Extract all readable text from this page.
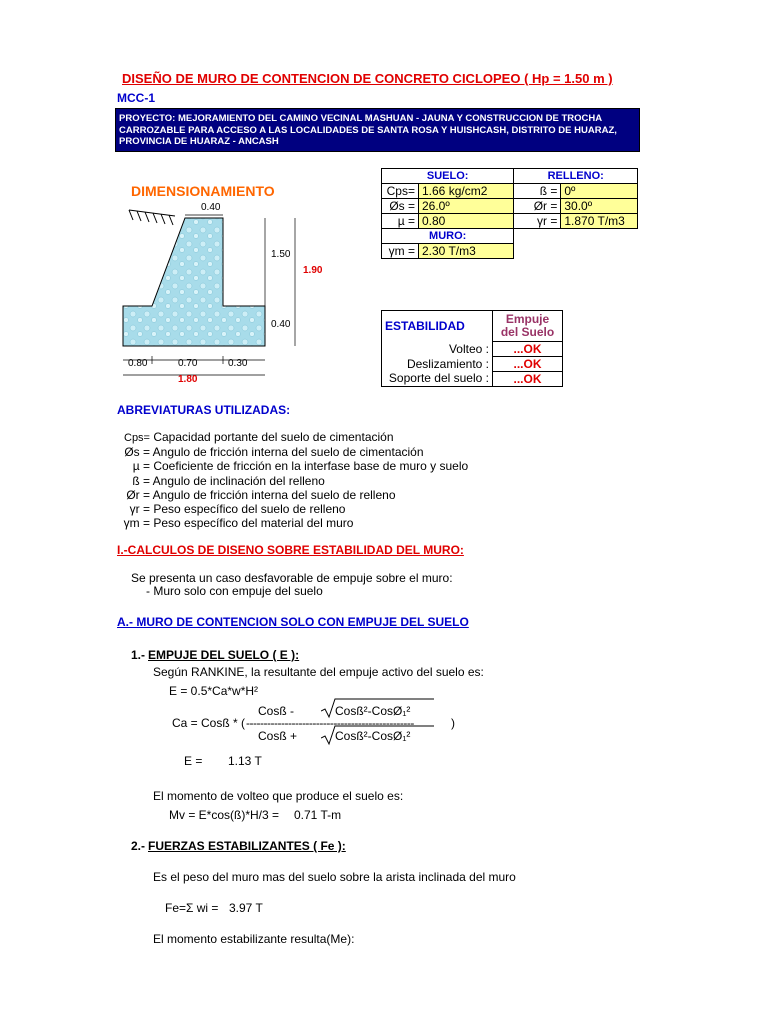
DISEÑO DE MURO DE CONTENCION DE CONCRETO CICLOPEO ( Hp = 1.50 m )
MCC-1
PROYECTO: MEJORAMIENTO DEL CAMINO VECINAL MASHUAN - JAUNA Y CONSTRUCCION DE TROCHA CARROZABLE PARA ACCESO A LAS LOCALIDADES DE SANTA ROSA Y HUISHCASH, DISTRITO DE HUARAZ, PROVINCIA DE HUARAZ - ANCASH
DIMENSIONAMIENTO
0.40
1.50
1.90
0.40
0.80	0.70	0.30
1.80
SUELO:		RELLENO:	
Cps=	1.66 kg/cm2	ß =	0º
Øs =	26.0º	Ør =	30.0º
µ =	0.80	γr =	1.870 T/m3
MURO:			
γm =	2.30 T/m3		
ESTABILIDAD	Empuje del Suelo
Volteo :	...OK
Deslizamiento :	...OK
Soporte del suelo :	...OK
ABREVIATURAS UTILIZADAS:
Cps= Capacidad portante del suelo de cimentación
Øs = Angulo de fricción interna del suelo de cimentación
µ = Coeficiente de fricción en la interfase base de muro y suelo
ß = Angulo de inclinación del relleno
Ør = Angulo de fricción interna del suelo de relleno
γr = Peso específico del suelo de relleno
γm = Peso específico del material del muro
I.-CALCULOS DE DISENO SOBRE ESTABILIDAD DEL MURO:
Se presenta un caso desfavorable de empuje sobre el muro:
- Muro solo con empuje del suelo
A.- MURO DE CONTENCION SOLO CON EMPUJE DEL SUELO
1.- EMPUJE DEL SUELO ( E ):
Según RANKINE, la resultante del empuje activo del suelo es:
E = 0.5*Ca*w*H²
Cosß -	Cosß²-CosØ₁²
Ca = Cosß * ( ------------------------------------------------	)
Cosß +	Cosß²-CosØ₁²
E = 1.13 T
El momento de volteo que produce el suelo es:
Mv = E*cos(ß)*H/3 = 0.71 T-m
2.- FUERZAS ESTABILIZANTES ( Fe ):
Es el peso del muro mas del suelo sobre la arista inclinada del muro
Fe=Σ wi = 3.97 T
El momento estabilizante resulta(Me):
